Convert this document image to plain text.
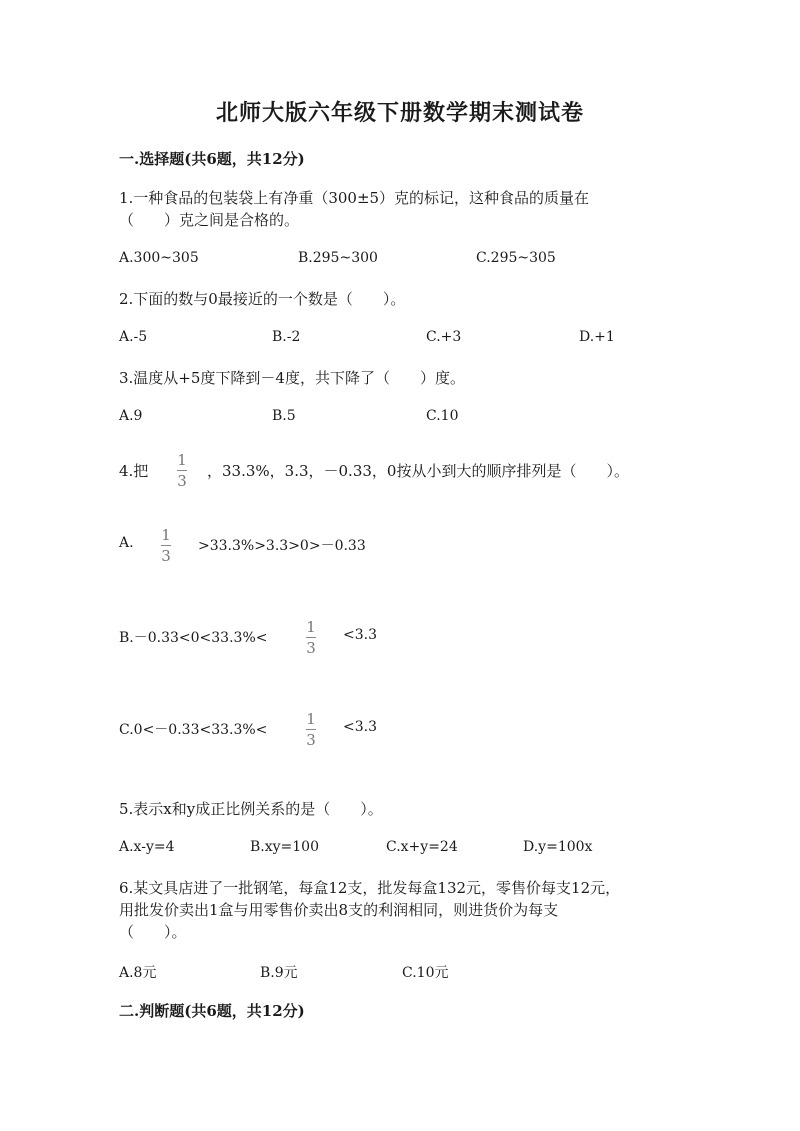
北师大版六年级下册数学期末测试卷
一.选择题(共6题，共12分)
1.一种食品的包装袋上有净重（300±5）克的标记，这种食品的质量在
（　　）克之间是合格的。
A.300~305	B.295~300	C.295~305
2.下面的数与0最接近的一个数是（　　）。
A.-5	B.-2	C.+3	D.+1
3.温度从+5度下降到－4度，共下降了（　　）度。
A.9	B.5	C.10
4.把
1
3
，33.3%，3.3，－0.33，0按从小到大的顺序排列是（　　）。
A. 1
3
>33.3%>3.3>0>－0.33
B.－0.33<0<33.3%<
1
3
<3.3
C.0<－0.33<33.3%<
1
3
<3.3
5.表示x和y成正比例关系的是（　　）。
A.x-y=4	B.xy=100	C.x+y=24	D.y=100x
6.某文具店进了一批钢笔，每盒12支，批发每盒132元，零售价每支12元，
用批发价卖出1盒与用零售价卖出8支的利润相同，则进货价为每支
（　　）。
A.8元	B.9元	C.10元
二.判断题(共6题，共12分)
